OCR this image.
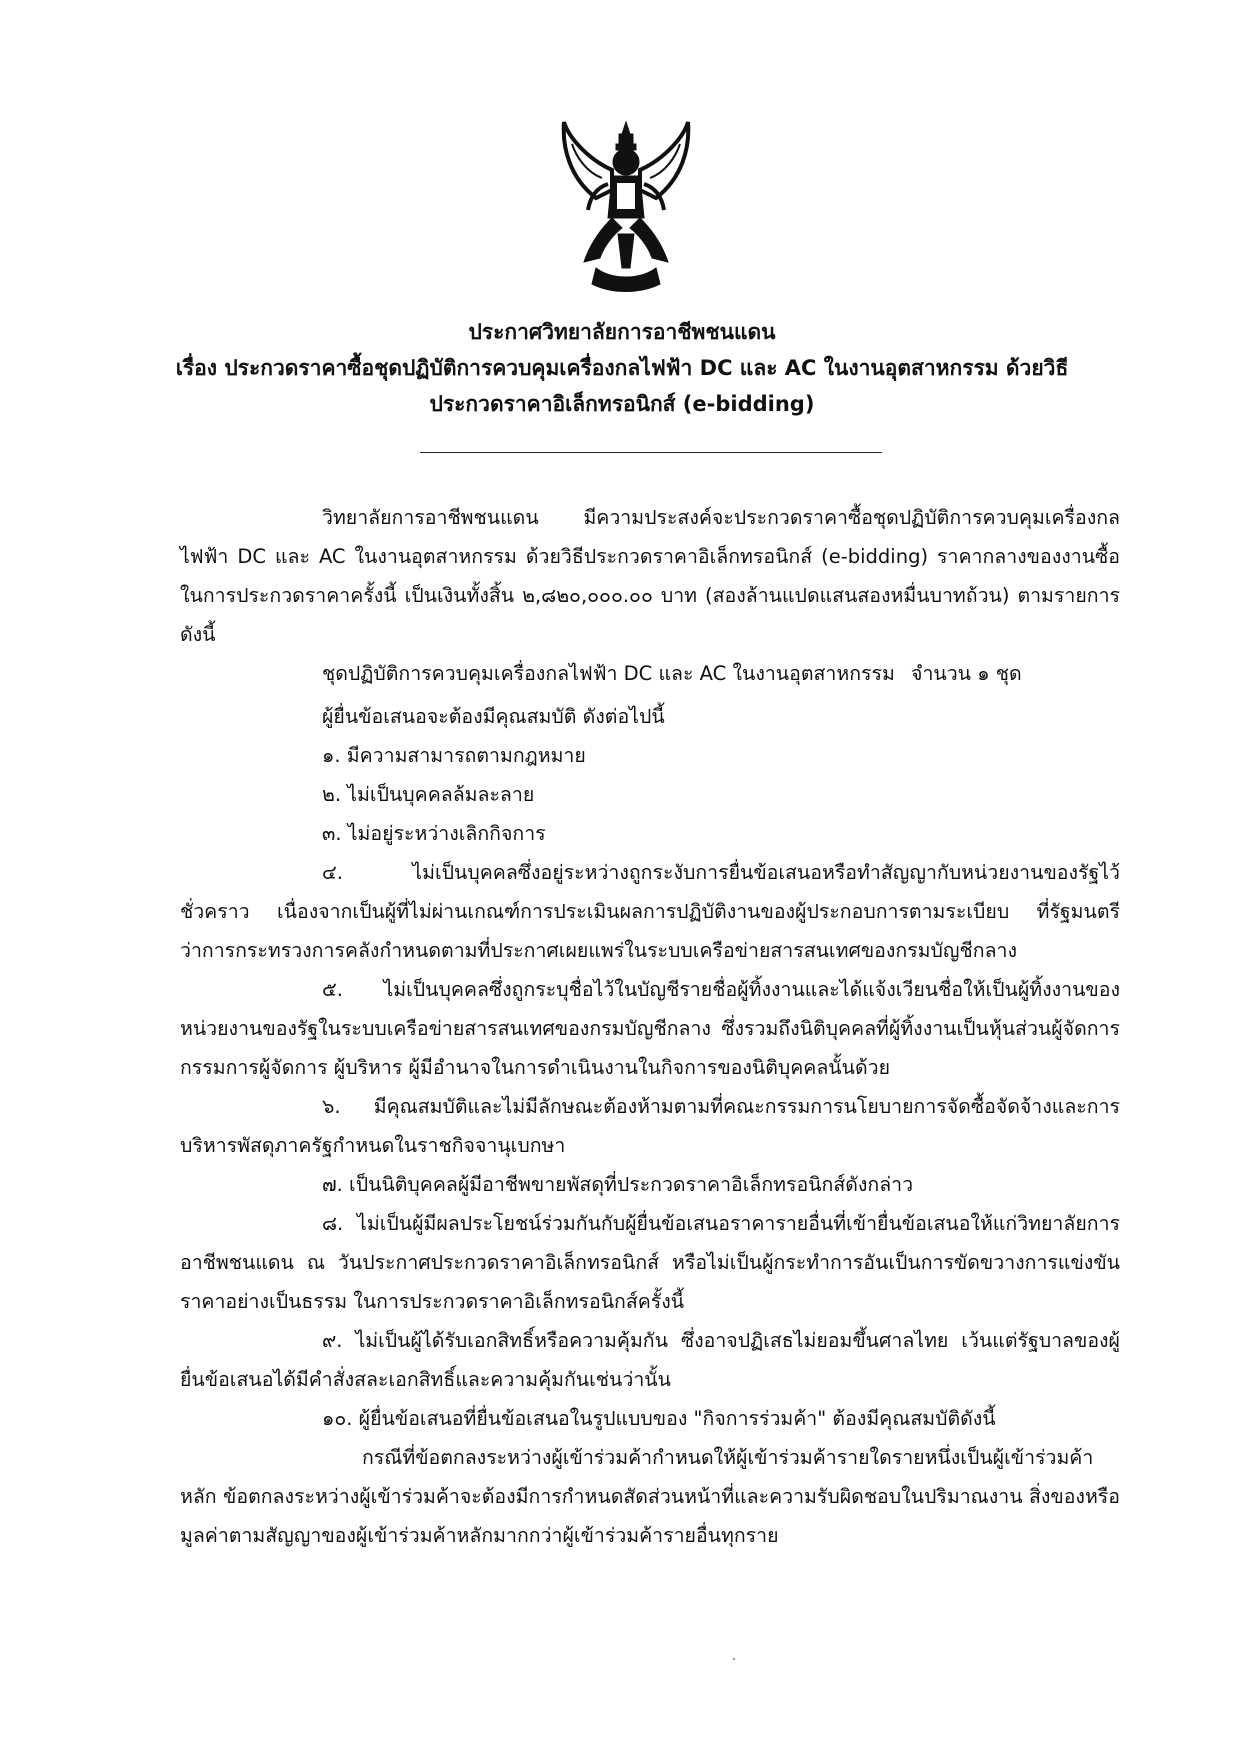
ประกาศวิทยาลัยการอาชีพชนแดน
เรื่อง ประกวดราคาซื้อชุดปฏิบัติการควบคุมเครื่องกลไฟฟ้า DC และ AC ในงานอุตสาหกรรม ด้วยวิธี
ประกวดราคาอิเล็กทรอนิกส์ (e-bidding)

วิทยาลัยการอาชีพชนแดน มีความประสงค์จะประกวดราคาซื้อชุดปฏิบัติการควบคุมเครื่องกลไฟฟ้า DC และ AC ในงานอุตสาหกรรม ด้วยวิธีประกวดราคาอิเล็กทรอนิกส์ (e-bidding) ราคากลางของงานซื้อ ในการประกวดราคาครั้งนี้ เป็นเงินทั้งสิ้น ๒,๘๒๐,๐๐๐.๐๐ บาท (สองล้านแปดแสนสองหมื่นบาทถ้วน) ตามรายการ ดังนี้

ชุดปฏิบัติการควบคุมเครื่องกลไฟฟ้า DC และ AC ในงานอุตสาหกรรม จำนวน ๑ ชุด

ผู้ยื่นข้อเสนอจะต้องมีคุณสมบัติ ดังต่อไปนี้

๑. มีความสามารถตามกฎหมาย

๒. ไม่เป็นบุคคลล้มละลาย

๓. ไม่อยู่ระหว่างเลิกกิจการ

๔. ไม่เป็นบุคคลซึ่งอยู่ระหว่างถูกระงับการยื่นข้อเสนอหรือทำสัญญากับหน่วยงานของรัฐไว้ชั่วคราว เนื่องจากเป็นผู้ที่ไม่ผ่านเกณฑ์การประเมินผลการปฏิบัติงานของผู้ประกอบการตามระเบียบ ที่รัฐมนตรีว่าการกระทรวงการคลังกำหนดตามที่ประกาศเผยแพร่ในระบบเครือข่ายสารสนเทศของกรมบัญชีกลาง

๕. ไม่เป็นบุคคลซึ่งถูกระบุชื่อไว้ในบัญชีรายชื่อผู้ทิ้งงานและได้แจ้งเวียนชื่อให้เป็นผู้ทิ้งงานของหน่วยงานของรัฐในระบบเครือข่ายสารสนเทศของกรมบัญชีกลาง ซึ่งรวมถึงนิติบุคคลที่ผู้ทิ้งงานเป็นหุ้นส่วนผู้จัดการ กรรมการผู้จัดการ ผู้บริหาร ผู้มีอำนาจในการดำเนินงานในกิจการของนิติบุคคลนั้นด้วย

๖. มีคุณสมบัติและไม่มีลักษณะต้องห้ามตามที่คณะกรรมการนโยบายการจัดซื้อจัดจ้างและการบริหารพัสดุภาครัฐกำหนดในราชกิจจานุเบกษา

๗. เป็นนิติบุคคลผู้มีอาชีพขายพัสดุที่ประกวดราคาอิเล็กทรอนิกส์ดังกล่าว

๘. ไม่เป็นผู้มีผลประโยชน์ร่วมกันกับผู้ยื่นข้อเสนอราคารายอื่นที่เข้ายื่นข้อเสนอให้แก่วิทยาลัยการอาชีพชนแดน ณ วันประกาศประกวดราคาอิเล็กทรอนิกส์ หรือไม่เป็นผู้กระทำการอันเป็นการขัดขวางการแข่งขันราคาอย่างเป็นธรรม ในการประกวดราคาอิเล็กทรอนิกส์ครั้งนี้

๙. ไม่เป็นผู้ได้รับเอกสิทธิ์หรือความคุ้มกัน ซึ่งอาจปฏิเสธไม่ยอมขึ้นศาลไทย เว้นแต่รัฐบาลของผู้ยื่นข้อเสนอได้มีคำสั่งสละเอกสิทธิ์และความคุ้มกันเช่นว่านั้น

๑๐. ผู้ยื่นข้อเสนอที่ยื่นข้อเสนอในรูปแบบของ "กิจการร่วมค้า" ต้องมีคุณสมบัติดังนี้

กรณีที่ข้อตกลงระหว่างผู้เข้าร่วมค้ากำหนดให้ผู้เข้าร่วมค้ารายใดรายหนึ่งเป็นผู้เข้าร่วมค้าหลัก ข้อตกลงระหว่างผู้เข้าร่วมค้าจะต้องมีการกำหนดสัดส่วนหน้าที่และความรับผิดชอบในปริมาณงาน สิ่งของหรือมูลค่าตามสัญญาของผู้เข้าร่วมค้าหลักมากกว่าผู้เข้าร่วมค้ารายอื่นทุกราย
